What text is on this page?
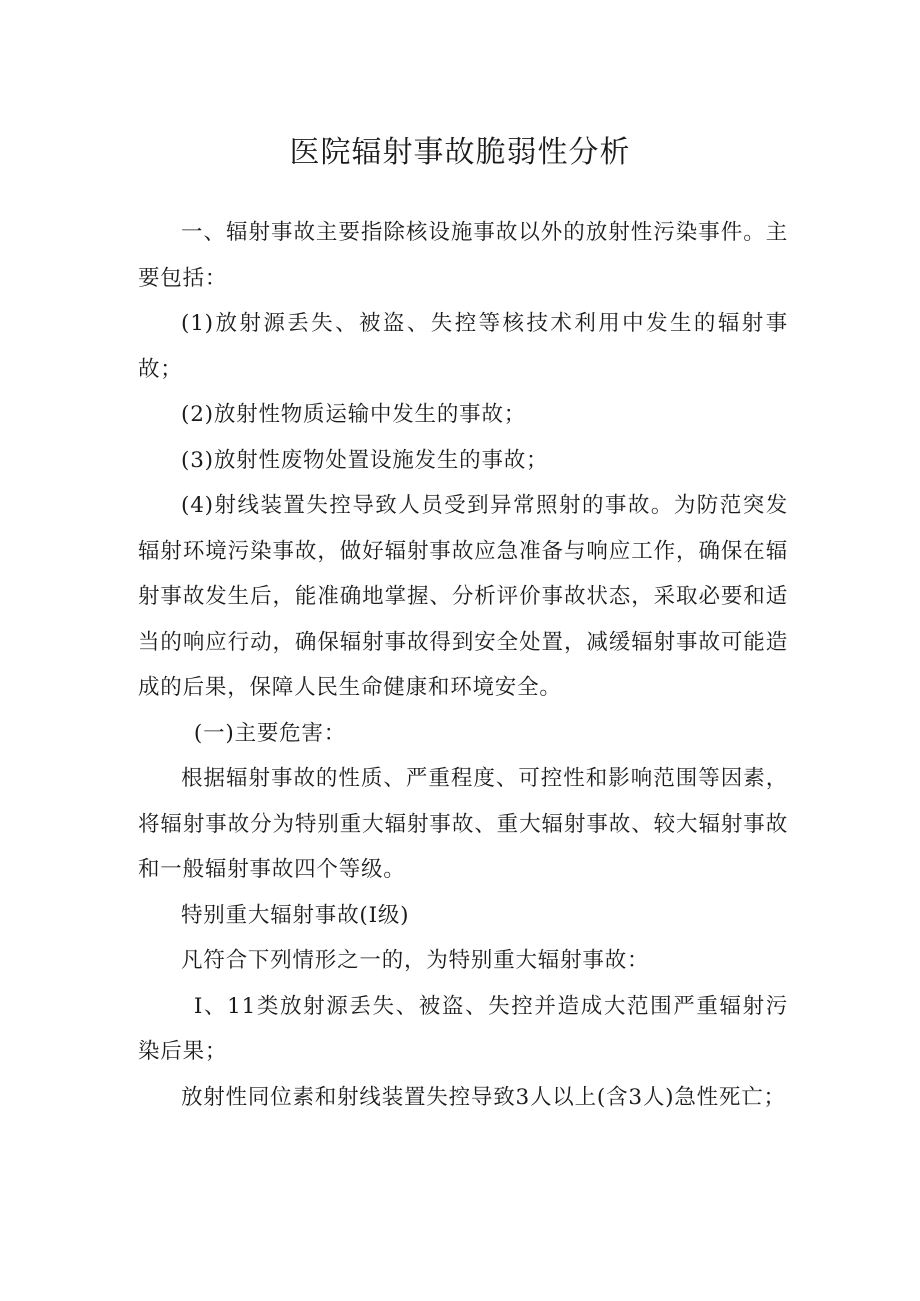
医院辐射事故脆弱性分析

一、辐射事故主要指除核设施事故以外的放射性污染事件。主要包括：

(1)放射源丢失、被盗、失控等核技术利用中发生的辐射事故；

(2)放射性物质运输中发生的事故；

(3)放射性废物处置设施发生的事故；

(4)射线装置失控导致人员受到异常照射的事故。为防范突发辐射环境污染事故，做好辐射事故应急准备与响应工作，确保在辐射事故发生后，能准确地掌握、分析评价事故状态，采取必要和适当的响应行动，确保辐射事故得到安全处置，减缓辐射事故可能造成的后果，保障人民生命健康和环境安全。

(一)主要危害：

根据辐射事故的性质、严重程度、可控性和影响范围等因素，将辐射事故分为特别重大辐射事故、重大辐射事故、较大辐射事故和一般辐射事故四个等级。

特别重大辐射事故(I级)

凡符合下列情形之一的，为特别重大辐射事故：

I、11类放射源丢失、被盗、失控并造成大范围严重辐射污染后果；

放射性同位素和射线装置失控导致3人以上(含3人)急性死亡；
